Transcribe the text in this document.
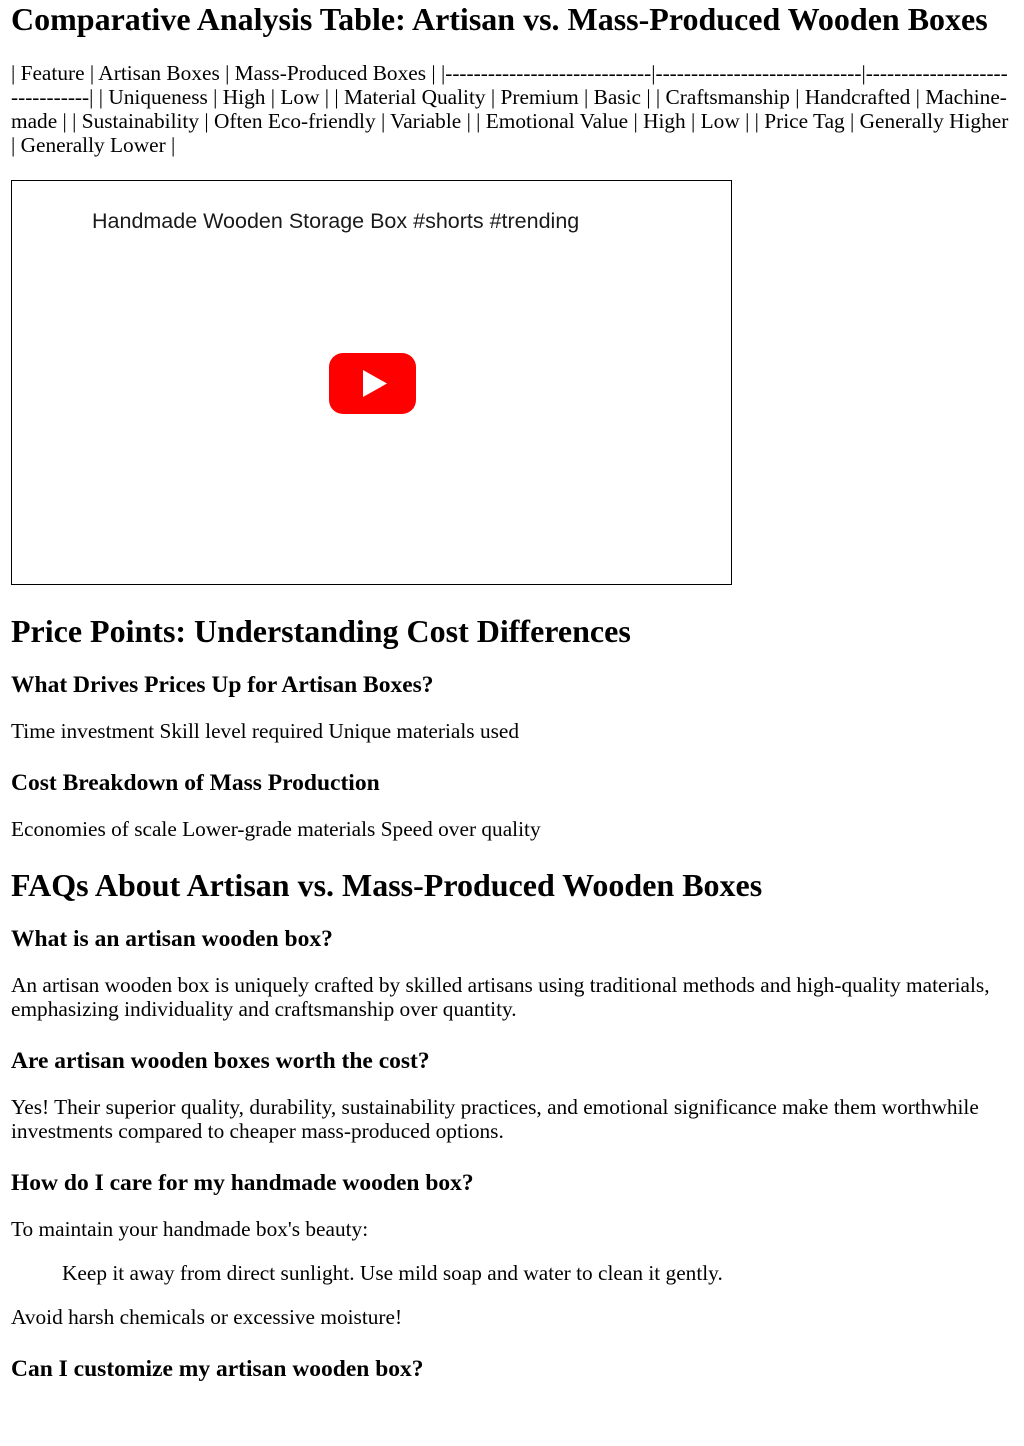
Comparative Analysis Table: Artisan vs. Mass-Produced Wooden Boxes

| Feature | Artisan Boxes | Mass-Produced Boxes | |-----------------------------|-----------------------------|-------------------------------| | Uniqueness | High | Low | | Material Quality | Premium | Basic | | Craftsmanship | Handcrafted | Machine-made | | Sustainability | Often Eco-friendly | Variable | | Emotional Value | High | Low | | Price Tag | Generally Higher | Generally Lower |

Handmade Wooden Storage Box #shorts #trending
Price Points: Understanding Cost Differences
What Drives Prices Up for Artisan Boxes?

Time investment Skill level required Unique materials used

Cost Breakdown of Mass Production

Economies of scale Lower-grade materials Speed over quality

FAQs About Artisan vs. Mass-Produced Wooden Boxes
What is an artisan wooden box?

An artisan wooden box is uniquely crafted by skilled artisans using traditional methods and high-quality materials, emphasizing individuality and craftsmanship over quantity.

Are artisan wooden boxes worth the cost?

Yes! Their superior quality, durability, sustainability practices, and emotional significance make them worthwhile investments compared to cheaper mass-produced options.

How do I care for my handmade wooden box?

To maintain your handmade box's beauty:

Keep it away from direct sunlight. Use mild soap and water to clean it gently.

Avoid harsh chemicals or excessive moisture!

Can I customize my artisan wooden box?
